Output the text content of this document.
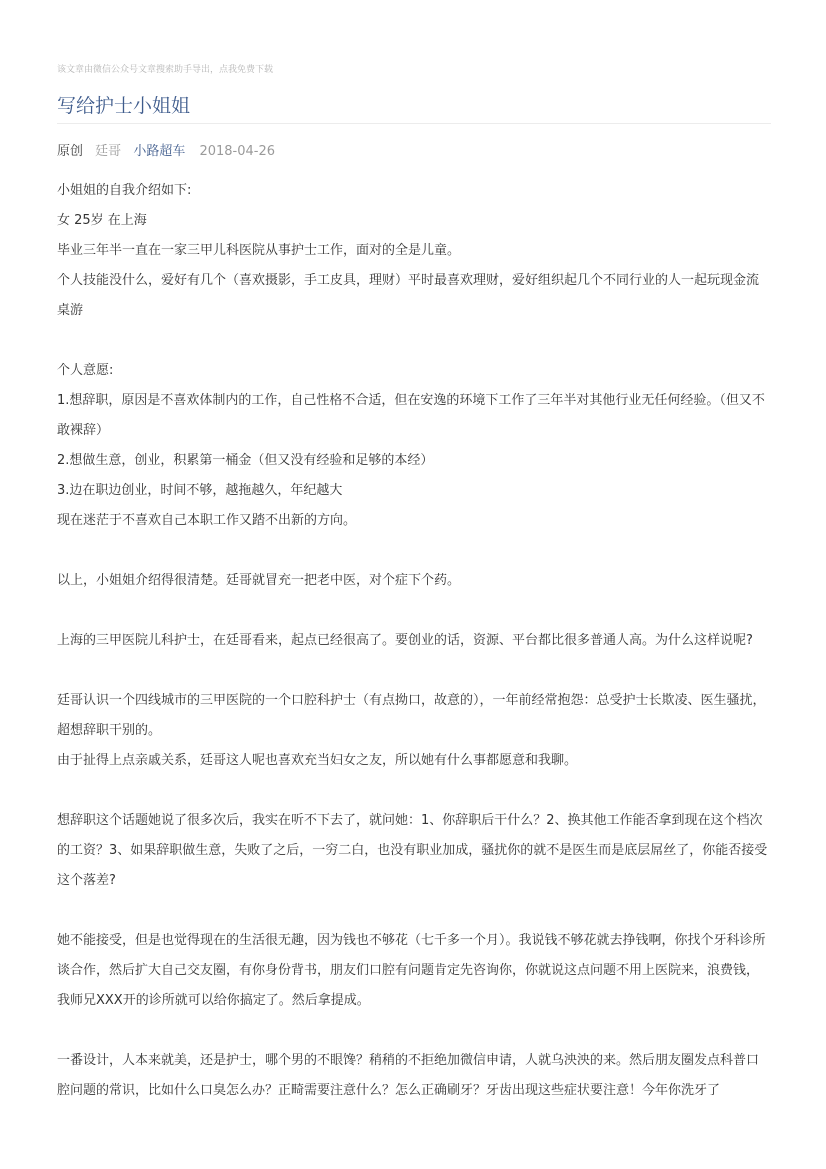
该文章由微信公众号文章搜索助手导出，点我免费下载
写给护士小姐姐
原创 廷哥 小路超车 2018-04-26

小姐姐的自我介绍如下:

女 25岁 在上海

毕业三年半一直在一家三甲儿科医院从事护士工作，面对的全是儿童。

个人技能没什么，爱好有几个（喜欢摄影，手工皮具，理财）平时最喜欢理财，爱好组织起几个不同行业的人一起玩现金流桌游

个人意愿:

1.想辞职，原因是不喜欢体制内的工作，自己性格不合适，但在安逸的环境下工作了三年半对其他行业无任何经验。（但又不敢裸辞）

2.想做生意，创业，积累第一桶金（但又没有经验和足够的本经）

3.边在职边创业，时间不够，越拖越久，年纪越大

现在迷茫于不喜欢自己本职工作又踏不出新的方向。

以上，小姐姐介绍得很清楚。廷哥就冒充一把老中医，对个症下个药。

上海的三甲医院儿科护士，在廷哥看来，起点已经很高了。要创业的话，资源、平台都比很多普通人高。为什么这样说呢?

廷哥认识一个四线城市的三甲医院的一个口腔科护士（有点拗口，故意的），一年前经常抱怨：总受护士长欺凌、医生骚扰，超想辞职干别的。

由于扯得上点亲戚关系，廷哥这人呢也喜欢充当妇女之友，所以她有什么事都愿意和我聊。

想辞职这个话题她说了很多次后，我实在听不下去了，就问她：1、你辞职后干什么？2、换其他工作能否拿到现在这个档次的工资？3、如果辞职做生意，失败了之后，一穷二白，也没有职业加成，骚扰你的就不是医生而是底层屌丝了，你能否接受这个落差?

她不能接受，但是也觉得现在的生活很无趣，因为钱也不够花（七千多一个月）。我说钱不够花就去挣钱啊，你找个牙科诊所谈合作，然后扩大自己交友圈，有你身份背书，朋友们口腔有问题肯定先咨询你，你就说这点问题不用上医院来，浪费钱，我师兄XXX开的诊所就可以给你搞定了。然后拿提成。

一番设计，人本来就美，还是护士，哪个男的不眼馋？稍稍的不拒绝加微信申请，人就乌泱泱的来。然后朋友圈发点科普口腔问题的常识，比如什么口臭怎么办？正畸需要注意什么？怎么正确刷牙？牙齿出现这些症状要注意！今年你洗牙了
